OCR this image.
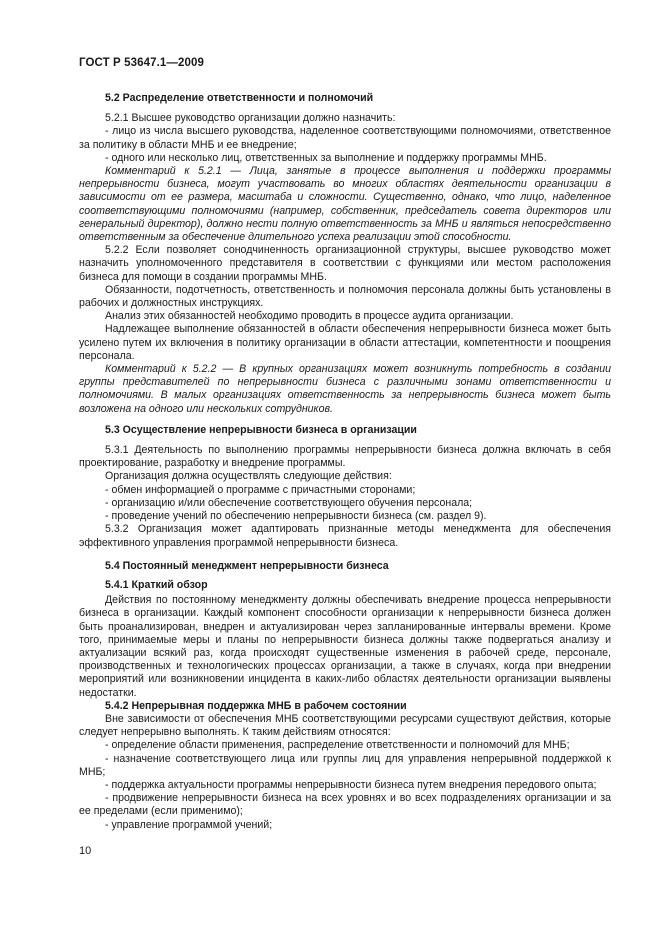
ГОСТ Р 53647.1—2009

5.2 Распределение ответственности и полномочий

5.2.1 Высшее руководство организации должно назначить:

- лицо из числа высшего руководства, наделенное соответствующими полномочиями, ответственное за политику в области МНБ и ее внедрение;

- одного или несколько лиц, ответственных за выполнение и поддержку программы МНБ.

Комментарий к 5.2.1 — Лица, занятые в процессе выполнения и поддержки программы непрерывности бизнеса, могут участвовать во многих областях деятельности организации в зависимости от ее размера, масштаба и сложности. Существенно, однако, что лицо, наделенное соответствующими полномочиями (например, собственник, председатель совета директоров или генеральный директор), должно нести полную ответственность за МНБ и являться непосредственно ответственным за обеспечение длительного успеха реализации этой способности.

5.2.2 Если позволяет сонодчиненность организационной структуры, высшее руководство может назначить уполномоченного представителя в соответствии с функциями или местом расположения бизнеса для помощи в создании программы МНБ.

Обязанности, подотчетность, ответственность и полномочия персонала должны быть установлены в рабочих и должностных инструкциях.

Анализ этих обязанностей необходимо проводить в процессе аудита организации.

Надлежащее выполнение обязанностей в области обеспечения непрерывности бизнеса может быть усилено путем их включения в политику организации в области аттестации, компетентности и поощрения персонала.

Комментарий к 5.2.2 — В крупных организациях может возникнуть потребность в создании группы представителей по непрерывности бизнеса с различными зонами ответственности и полномочиями. В малых организациях ответственность за непрерывность бизнеса может быть возложена на одного или нескольких сотрудников.

5.3 Осуществление непрерывности бизнеса в организации

5.3.1 Деятельность по выполнению программы непрерывности бизнеса должна включать в себя проектирование, разработку и внедрение программы.

Организация должна осуществлять следующие действия:

- обмен информацией о программе с причастными сторонами;

- организацию и/или обеспечение соответствующего обучения персонала;

- проведение учений по обеспечению непрерывности бизнеса (см. раздел 9).

5.3.2 Организация может адаптировать признанные методы менеджмента для обеспечения эффективного управления программой непрерывности бизнеса.

5.4 Постоянный менеджмент непрерывности бизнеса

5.4.1 Краткий обзор

Действия по постоянному менеджменту должны обеспечивать внедрение процесса непрерывности бизнеса в организации. Каждый компонент способности организации к непрерывности бизнеса должен быть проанализирован, внедрен и актуализирован через запланированные интервалы времени. Кроме того, принимаемые меры и планы по непрерывности бизнеса должны также подвергаться анализу и актуализации всякий раз, когда происходят существенные изменения в рабочей среде, персонале, производственных и технологических процессах организации, а также в случаях, когда при внедрении мероприятий или возникновении инцидента в каких-либо областях деятельности организации выявлены недостатки.

5.4.2 Непрерывная поддержка МНБ в рабочем состоянии

Вне зависимости от обеспечения МНБ соответствующими ресурсами существуют действия, которые следует непрерывно выполнять. К таким действиям относятся:

- определение области применения, распределение ответственности и полномочий для МНБ;

- назначение соответствующего лица или группы лиц для управления непрерывной поддержкой к МНБ;

- поддержка актуальности программы непрерывности бизнеса путем внедрения передового опыта;

- продвижение непрерывности бизнеса на всех уровнях и во всех подразделениях организации и за ее пределами (если применимо);

- управление программой учений;

10
